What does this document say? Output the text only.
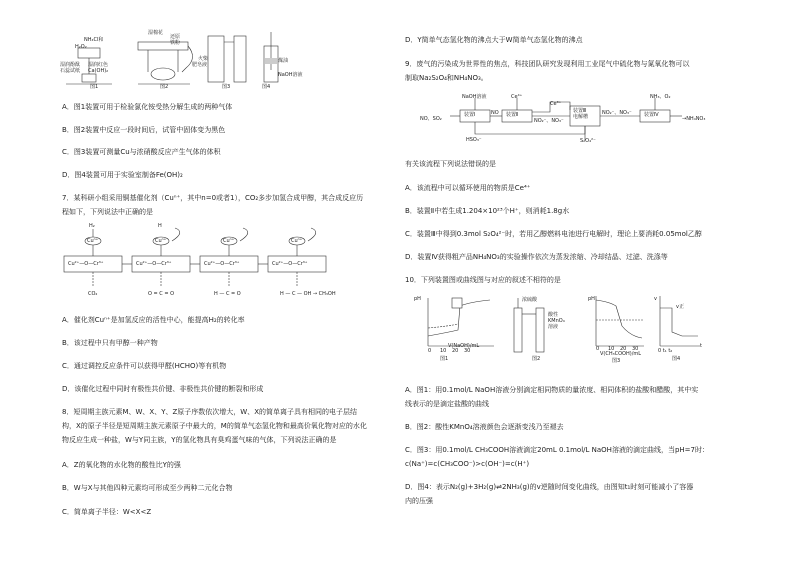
H₂O₂
NH₄Cl和
湿润酚酞 湿润红色
石蕊试纸 Ca(OH)₂
湿棉花
还原
铁粉
肥皂液
火柴	煤油
NaOH溶液
图1	图2	图3	图4
A．图1装置可用于检验氯化铵受热分解生成的两种气体
B．图2装置中反应一段时间后，试管中固体变为黑色
C．图3装置可测量Cu与浓硝酸反应产生气体的体积
D．图4装置可用于实验室制备Fe(OH)₂
7．某科研小组采用铜基催化剂（Cuⁿ⁺，其中n=0或者1），CO₂多步加氢合成甲醇，其合成反应历
程如下，下列说法中正确的是
H₂	H
Cuⁿ⁺	Cuⁿ⁺	Cuⁿ⁺	Cuⁿ⁺
Cu²⁺—O—Cr³⁺	Cu²⁺—O—Cr³⁺	Cu²⁺—O—Cr³⁺	Cu²⁺—O—Cr³⁺
CO₂	O = C = O	H — C = O	H — C — OH → CH₃OH
A．催化剂Cuⁿ⁺是加氢反应的活性中心，能提高H₂的转化率
B．该过程中只有甲醇一种产物
C．通过调控反应条件可以获得甲醛(HCHO)等有机物
D．该催化过程中同时有极性共价键、非极性共价键的断裂和形成
8．短周期主族元素M、W、X、Y、Z原子序数依次增大，W、X的简单离子具有相同的电子层结
构，X的原子半径是短周期主族元素原子中最大的，M的简单气态氢化物和最高价氧化物对应的水化
物反应生成一种盐，W与Y同主族，Y的氢化物具有臭鸡蛋气味的气体，下列说法正确的是
A．Z的氧化物的水化物的酸性比Y的强
B．W与X与其他四种元素均可形成至少两种二元化合物
C．简单离子半径：W<X<Z
D．Y简单气态氢化物的沸点大于W简单气态氢化物的沸点
9．废气的污染成为世界性的焦点，科技团队研究发现利用工业尾气中硫化物与氮氧化物可以
制取Na₂S₂O₄和NH₄NO₃。
NaOH溶液	Ce⁴⁺
NO、SO₂
装置Ⅰ	装置Ⅱ
装置Ⅲ
电解槽	装置Ⅳ
NO
Ce³⁺
NO₂⁻、NO₃⁻
NO₂⁻、NO₃⁻
NH₃、O₂
→NH₄NO₃
HSO₃⁻	S₂O₄²⁻
有关该流程下列说法错误的是
A．该流程中可以循环使用的物质是Ce⁴⁺
B．装置Ⅱ中若生成1.204×10²³个H⁺，则消耗1.8g水
C．装置Ⅲ中得到0.3mol S₂O₄²⁻时，若用乙醇燃料电池进行电解时，理论上要消耗0.05mol乙醇
D．装置Ⅳ获得粗产品NH₄NO₃的实验操作依次为蒸发浓缩、冷却结晶、过滤、洗涤等
10．下列装置图或曲线图与对应的叙述不相符的是
pH
V(NaOH)/mL
0 10 20 30
图1
浓硫酸
酸性
KMnO₄
溶液
图2
pH
V(CH₃COOH)/mL
0 10 20 30
图3
v
v正
t
0 t₁ t₂
图4
A．图1：用0.1mol/L NaOH溶液分别滴定相同物质的量浓度、相同体积的盐酸和醋酸，其中实
线表示的是滴定盐酸的曲线
B．图2：酸性KMnO₄溶液颜色会逐渐变浅乃至褪去
C．图3：用0.1mol/L CH₃COOH溶液滴定20mL 0.1mol/L NaOH溶液的滴定曲线，当pH=7时：
c(Na⁺)=c(CH₃COO⁻)>c(OH⁻)=c(H⁺)
D．图4：表示N₂(g)+3H₂(g)⇌2NH₃(g)的v逆随时间变化曲线，由图知t₁时刻可能减小了容器
内的压强
